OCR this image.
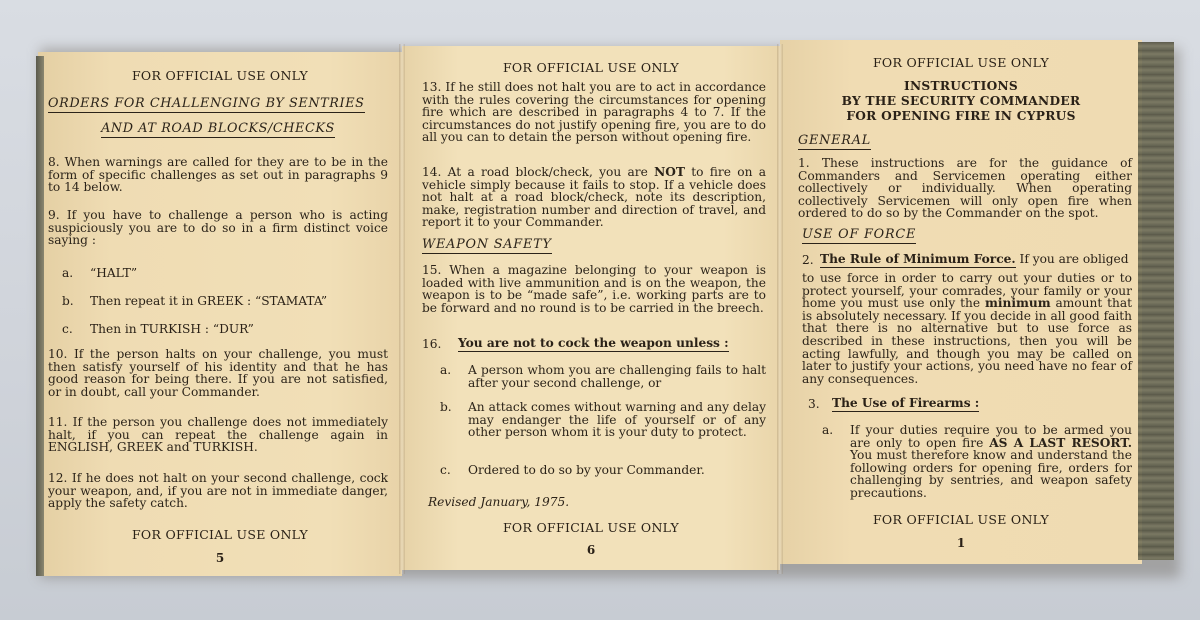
FOR OFFICIAL USE ONLY
ORDERS FOR CHALLENGING BY SENTRIES
AND AT ROAD BLOCKS/CHECKS
8. When warnings are called for they are to be in the form of specific challenges as set out in paragraphs 9 to 14 below.
9. If you have to challenge a person who is acting suspiciously you are to do so in a firm distinct voice saying :
a. “HALT”
b. Then repeat it in GREEK : “STAMATA”
c. Then in TURKISH : “DUR”
10. If the person halts on your challenge, you must then satisfy yourself of his identity and that he has good reason for being there. If you are not satisfied, or in doubt, call your Commander.
11. If the person you challenge does not immediately halt, if you can repeat the challenge again in ENGLISH, GREEK and TURKISH.
12. If he does not halt on your second challenge, cock your weapon, and, if you are not in immediate danger, apply the safety catch.
FOR OFFICIAL USE ONLY
5
FOR OFFICIAL USE ONLY
13. If he still does not halt you are to act in accordance with the rules covering the circumstances for opening fire which are described in paragraphs 4 to 7. If the circumstances do not justify opening fire, you are to do all you can to detain the person without opening fire.
14. At a road block/check, you are NOT to fire on a vehicle simply because it fails to stop. If a vehicle does not halt at a road block/check, note its description, make, registration number and direction of travel, and report it to your Commander.
WEAPON SAFETY
15. When a magazine belonging to your weapon is loaded with live ammunition and is on the weapon, the weapon is to be “made safe”, i.e. working parts are to be forward and no round is to be carried in the breech.
16. You are not to cock the weapon unless :
a. A person whom you are challenging fails to halt after your second challenge, or
b. An attack comes without warning and any delay may endanger the life of yourself or of any other person whom it is your duty to protect.
c. Ordered to do so by your Commander.
Revised January, 1975.
FOR OFFICIAL USE ONLY
6
FOR OFFICIAL USE ONLY
INSTRUCTIONS
BY THE SECURITY COMMANDER
FOR OPENING FIRE IN CYPRUS
GENERAL
1. These instructions are for the guidance of Commanders and Servicemen operating either collectively or individually. When operating collectively Servicemen will only open fire when ordered to do so by the Commander on the spot.
USE OF FORCE
2. The Rule of Minimum Force. If you are obliged
to use force in order to carry out your duties or to protect yourself, your comrades, your family or your home you must use only the minimum amount that is absolutely necessary. If you decide in all good faith that there is no alternative but to use force as described in these instructions, then you will be acting lawfully, and though you may be called on later to justify your actions, you need have no fear of any consequences.
3. The Use of Firearms :
a. If your duties require you to be armed you are only to open fire AS A LAST RESORT. You must therefore know and understand the following orders for opening fire, orders for challenging by sentries, and weapon safety precautions.
FOR OFFICIAL USE ONLY
1
